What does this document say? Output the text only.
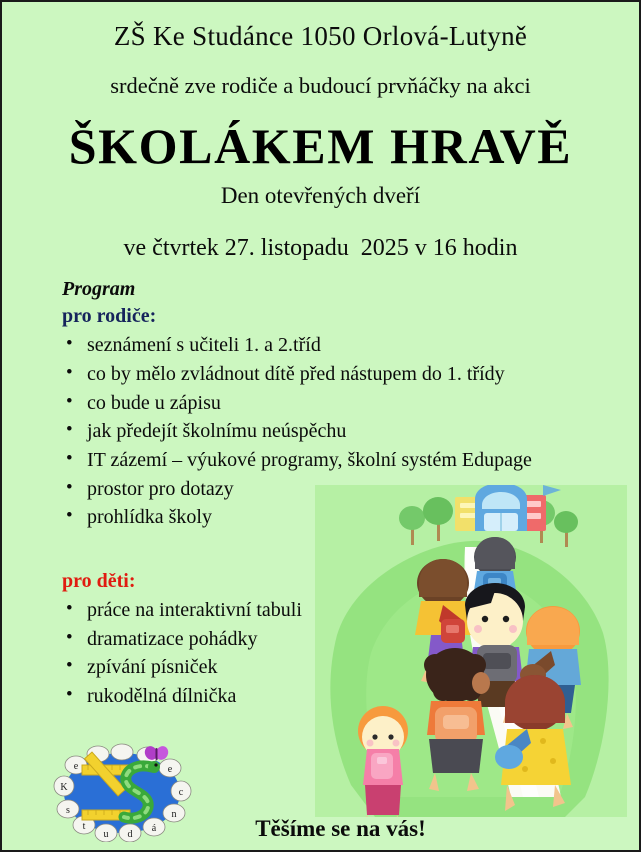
ZŠ Ke Studánce 1050 Orlová-Lutyně
srdečně zve rodiče a budoucí prvňáčky na akci
ŠKOLÁKEM HRAVĚ
Den otevřených dveří
ve čtvrtek 27. listopadu  2025 v 16 hodin
Program
pro rodiče:
• seznámení s učiteli 1. a 2.tříd
• co by mělo zvládnout dítě před nástupem do 1. třídy
• co bude u zápisu
• jak předejít školnímu neúspěchu
• IT zázemí – výukové programy, školní systém Edupage
• prostor pro dotazy
• prohlídka školy
pro děti:
• práce na interaktivní tabuli
• dramatizace pohádky
• zpívání písniček
• rukodělná dílnička
e
c
n
á
d
u
t
s
K
e
Těšíme se na vás!
